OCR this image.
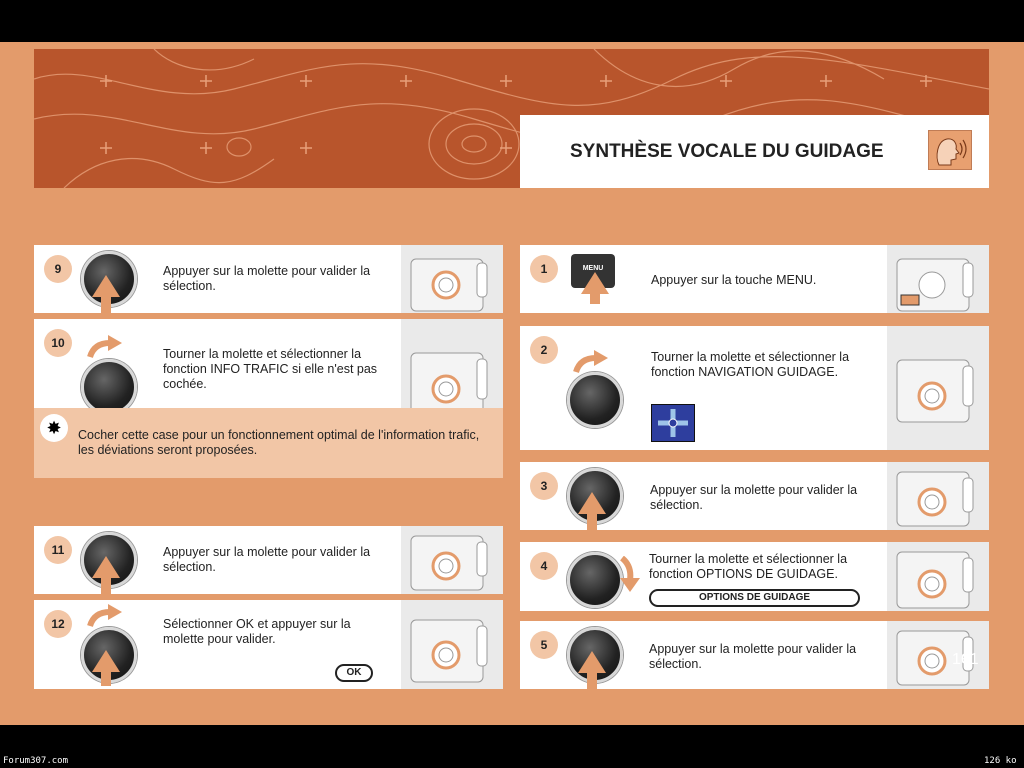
SYNTHÈSE VOCALE DU GUIDAGE
9	Appuyer sur la molette pour valider la sélection.
10
Tourner la molette et sélectionner la fonction INFO TRAFIC si elle n'est pas cochée.
✸	Cocher cette case pour un fonctionnement optimal de l'information trafic, les déviations seront proposées.
11	Appuyer sur la molette pour valider la sélection.
12	Sélectionner OK et appuyer sur la molette pour valider.
OK
1
Appuyer sur la touche MENU.
MENU
2	Tourner la molette et sélectionner la fonction NAVIGATION GUIDAGE.
3	Appuyer sur la molette pour valider la sélection.
4	Tourner la molette et sélectionner la fonction OPTIONS DE GUIDAGE.
OPTIONS DE GUIDAGE
5	Appuyer sur la molette pour valider la sélection.	161
Forum307.com	126 ko
